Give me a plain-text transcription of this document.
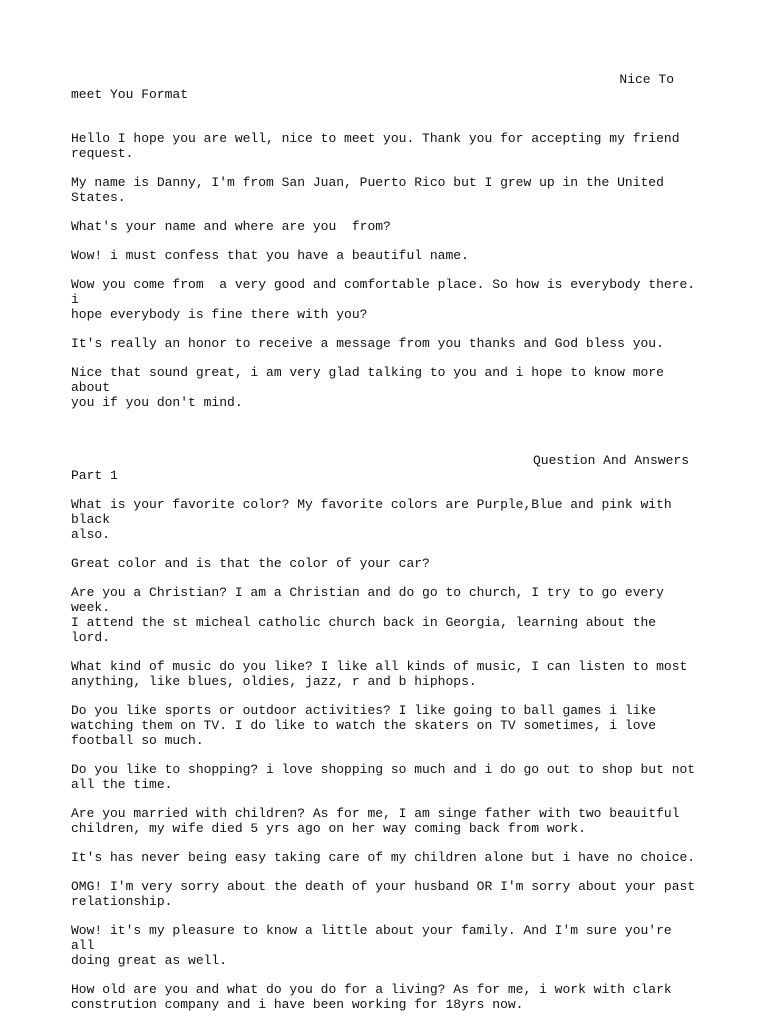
Nice To
meet You Format

Hello I hope you are well, nice to meet you. Thank you for accepting my friend
request.

My name is Danny, I'm from San Juan, Puerto Rico but I grew up in the United
States.

What's your name and where are you  from?

Wow! i must confess that you have a beautiful name.

Wow you come from  a very good and comfortable place. So how is everybody there. i
hope everybody is fine there with you?

It's really an honor to receive a message from you thanks and God bless you.

Nice that sound great, i am very glad talking to you and i hope to know more about
you if you don't mind.

Question And Answers
Part 1

What is your favorite color? My favorite colors are Purple,Blue and pink with black
also.

Great color and is that the color of your car?

Are you a Christian? I am a Christian and do go to church, I try to go every week.
I attend the st micheal catholic church back in Georgia, learning about the lord.

What kind of music do you like? I like all kinds of music, I can listen to most
anything, like blues, oldies, jazz, r and b hiphops.

Do you like sports or outdoor activities? I like going to ball games i like
watching them on TV. I do like to watch the skaters on TV sometimes, i love
football so much.

Do you like to shopping? i love shopping so much and i do go out to shop but not
all the time.

Are you married with children? As for me, I am singe father with two beauitful
children, my wife died 5 yrs ago on her way coming back from work.

It's has never being easy taking care of my children alone but i have no choice.

OMG! I'm very sorry about the death of your husband OR I'm sorry about your past
relationship.

Wow! it's my pleasure to know a little about your family. And I'm sure you're all
doing great as well.

How old are you and what do you do for a living? As for me, i work with clark
constrution company and i have been working for 18yrs now.
